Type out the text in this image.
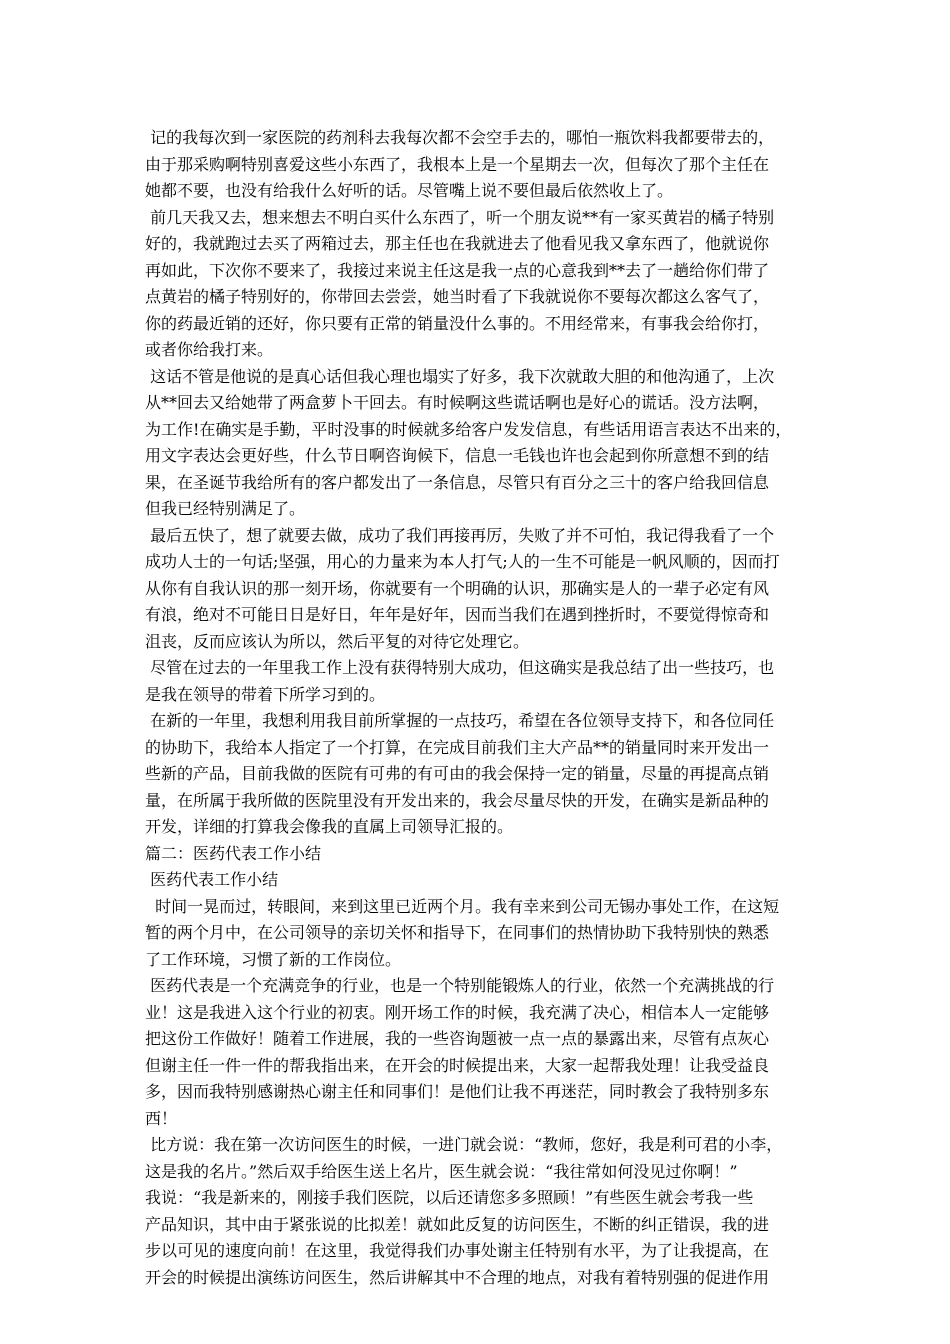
记的我每次到一家医院的药剂科去我每次都不会空手去的，哪怕一瓶饮料我都要带去的，
由于那采购啊特别喜爱这些小东西了，我根本上是一个星期去一次，但每次了那个主任在
她都不要，也没有给我什么好听的话。尽管嘴上说不要但最后依然收上了。
前几天我又去，想来想去不明白买什么东西了，听一个朋友说**有一家买黄岩的橘子特别
好的，我就跑过去买了两箱过去，那主任也在我就进去了他看见我又拿东西了，他就说你
再如此，下次你不要来了，我接过来说主任这是我一点的心意我到**去了一趟给你们带了
点黄岩的橘子特别好的，你带回去尝尝，她当时看了下我就说你不要每次都这么客气了，
你的药最近销的还好，你只要有正常的销量没什么事的。不用经常来，有事我会给你打，
或者你给我打来。
这话不管是他说的是真心话但我心理也塌实了好多，我下次就敢大胆的和他沟通了，上次
从**回去又给她带了两盒萝卜干回去。有时候啊这些谎话啊也是好心的谎话。没方法啊，
为工作!在确实是手勤，平时没事的时候就多给客户发发信息，有些话用语言表达不出来的，
用文字表达会更好些，什么节日啊咨询候下，信息一毛钱也许也会起到你所意想不到的结
果，在圣诞节我给所有的客户都发出了一条信息，尽管只有百分之三十的客户给我回信息
但我已经特别满足了。
最后五快了，想了就要去做，成功了我们再接再厉，失败了并不可怕，我记得我看了一个
成功人士的一句话;坚强，用心的力量来为本人打气;人的一生不可能是一帆风顺的，因而打
从你有自我认识的那一刻开场，你就要有一个明确的认识，那确实是人的一辈子必定有风
有浪，绝对不可能日日是好日，年年是好年，因而当我们在遇到挫折时，不要觉得惊奇和
沮丧，反而应该认为所以，然后平复的对待它处理它。
尽管在过去的一年里我工作上没有获得特别大成功，但这确实是我总结了出一些技巧，也
是我在领导的带着下所学习到的。
在新的一年里，我想利用我目前所掌握的一点技巧，希望在各位领导支持下，和各位同任
的协助下，我给本人指定了一个打算，在完成目前我们主大产品**的销量同时来开发出一
些新的产品，目前我做的医院有可弗的有可由的我会保持一定的销量，尽量的再提高点销
量，在所属于我所做的医院里没有开发出来的，我会尽量尽快的开发，在确实是新品种的
开发，详细的打算我会像我的直属上司领导汇报的。
篇二：医药代表工作小结
医药代表工作小结
时间一晃而过，转眼间，来到这里已近两个月。我有幸来到公司无锡办事处工作，在这短
暂的两个月中，在公司领导的亲切关怀和指导下，在同事们的热情协助下我特别快的熟悉
了工作环境，习惯了新的工作岗位。
医药代表是一个充满竞争的行业，也是一个特别能锻炼人的行业，依然一个充满挑战的行
业！这是我进入这个行业的初衷。刚开场工作的时候，我充满了决心，相信本人一定能够
把这份工作做好！随着工作进展，我的一些咨询题被一点一点的暴露出来，尽管有点灰心
但谢主任一件一件的帮我指出来，在开会的时候提出来，大家一起帮我处理！让我受益良
多，因而我特别感谢热心谢主任和同事们！是他们让我不再迷茫，同时教会了我特别多东
西！
比方说：我在第一次访问医生的时候，一进门就会说：“教师，您好，我是利可君的小李，
这是我的名片。”然后双手给医生送上名片，医生就会说：“我往常如何没见过你啊！”
我说：“我是新来的，刚接手我们医院，以后还请您多多照顾！”有些医生就会考我一些
产品知识，其中由于紧张说的比拟差！就如此反复的访问医生，不断的纠正错误，我的进
步以可见的速度向前！在这里，我觉得我们办事处谢主任特别有水平，为了让我提高，在
开会的时候提出演练访问医生，然后讲解其中不合理的地点，对我有着特别强的促进作用
